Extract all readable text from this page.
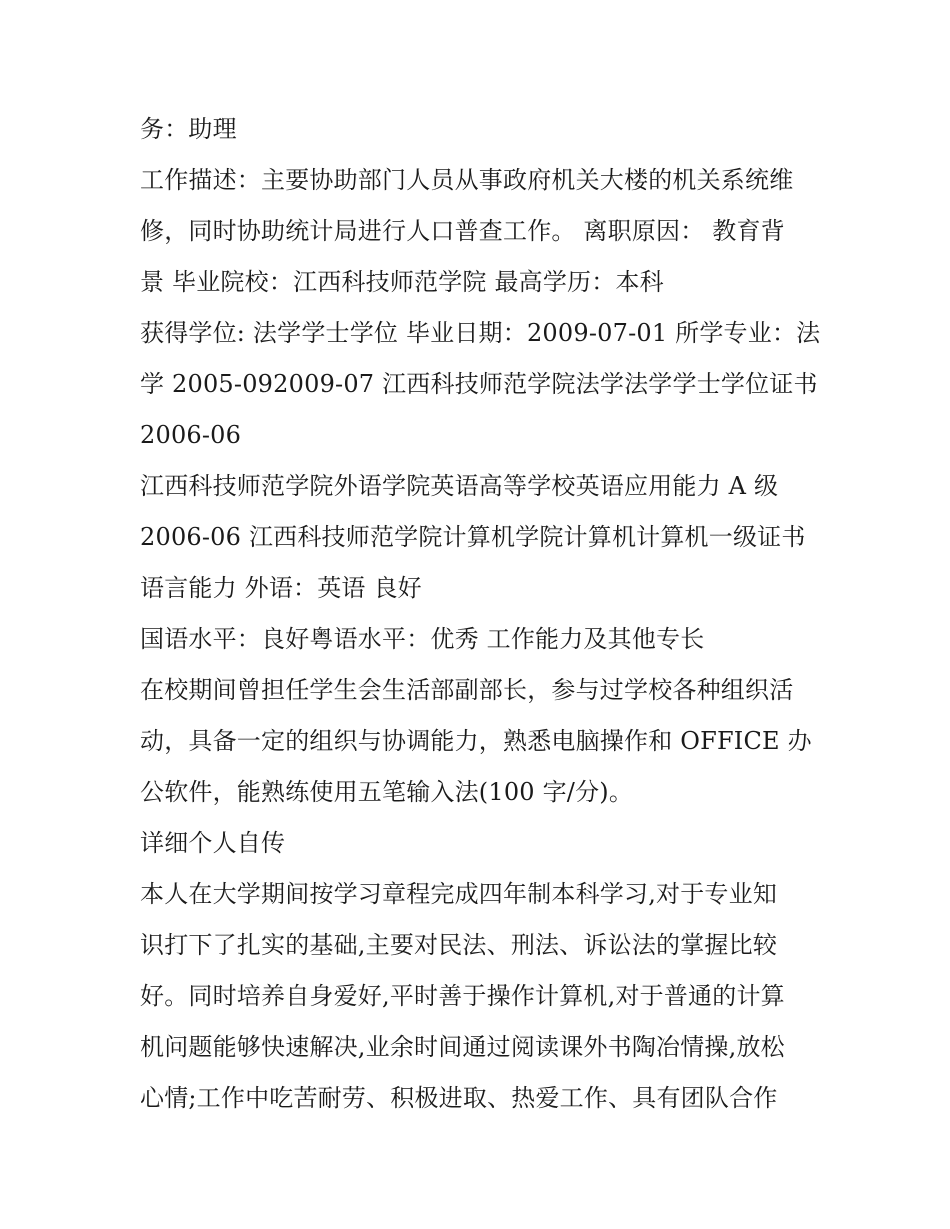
务：助理
工作描述：主要协助部门人员从事政府机关大楼的机关系统维
修，同时协助统计局进行人口普查工作。 离职原因： 教育背
景 毕业院校：江西科技师范学院 最高学历：本科
获得学位: 法学学士学位 毕业日期：2009-07-01 所学专业：法
学 2005-092009-07 江西科技师范学院法学法学学士学位证书
2006-06
江西科技师范学院外语学院英语高等学校英语应用能力 A 级
2006-06 江西科技师范学院计算机学院计算机计算机一级证书
语言能力 外语：英语 良好
国语水平：良好粤语水平：优秀 工作能力及其他专长
在校期间曾担任学生会生活部副部长，参与过学校各种组织活
动，具备一定的组织与协调能力，熟悉电脑操作和 OFFICE 办
公软件，能熟练使用五笔输入法(100 字/分)。
详细个人自传
本人在大学期间按学习章程完成四年制本科学习,对于专业知
识打下了扎实的基础,主要对民法、刑法、诉讼法的掌握比较
好。同时培养自身爱好,平时善于操作计算机,对于普通的计算
机问题能够快速解决,业余时间通过阅读课外书陶冶情操,放松
心情;工作中吃苦耐劳、积极进取、热爱工作、具有团队合作
